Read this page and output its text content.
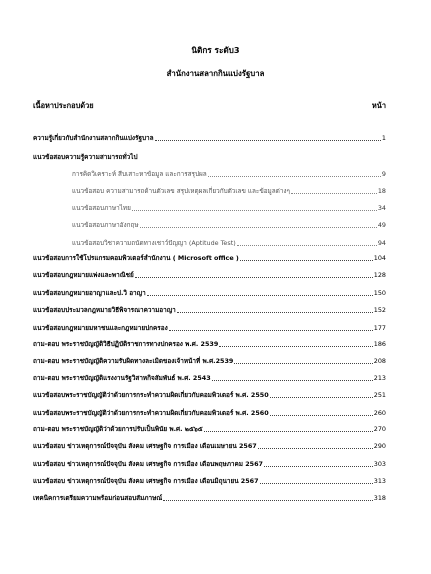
นิติกร ระดับ3
สำนักงานสลากกินแบ่งรัฐบาล
เนื้อหาประกอบด้วย	หน้า
ความรู้เกี่ยวกับสำนักงานสลากกินแบ่งรัฐบาล	1
แนวข้อสอบความรู้ความสามารถทั่วไป
การคิดวิเคราะห์ สืบเสาะหาข้อมูล และการสรุปผล	9
แนวข้อสอบ ความสามารถด้านตัวเลข สรุปเหตุผลเกี่ยวกับตัวเลข และข้อมูลต่างๆ	18
แนวข้อสอบภาษาไทย	34
แนวข้อสอบภาษาอังกฤษ	49
แนวข้อสอบวิชาความถนัดทางเชาว์ปัญญา (Aptitude Test)	94
แนวข้อสอบการใช้โปรแกรมคอมพิวเตอร์สำนักงาน ( Microsoft office )	104
แนวข้อสอบกฎหมายแพ่งและพาณิชย์	128
แนวข้อสอบกฎหมายอาญาและป.วิ อาญา	150
แนวข้อสอบประมวลกฎหมายวิธีพิจารณาความอาญา	152
แนวข้อสอบกฎหมายมหาชนและกฎหมายปกครอง	177
ถาม-ตอบ พระราชบัญญัติวิธีปฏิบัติราชการทางปกครอง พ.ศ. 2539	186
ถาม-ตอบ พระราชบัญญัติความรับผิดทางละเมิดของเจ้าหน้าที่ พ.ศ.2539	208
ถาม-ตอบ พระราชบัญญัติแรงงานรัฐวิสาหกิจสัมพันธ์ พ.ศ. 2543	213
แนวข้อสอบพระราชบัญญัติว่าด้วยการกระทำความผิดเกี่ยวกับคอมพิวเตอร์ พ.ศ. 2550	251
แนวข้อสอบพระราชบัญญัติว่าด้วยการกระทำความผิดเกี่ยวกับคอมพิวเตอร์ พ.ศ. 2560	260
ถาม-ตอบ พระราชบัญญัติว่าด้วยการปรับเป็นพินัย พ.ศ. ๒๕๖๕	270
แนวข้อสอบ ข่าวเหตุการณ์ปัจจุบัน สังคม เศรษฐกิจ การเมือง เดือนเมษายน 2567	290
แนวข้อสอบ ข่าวเหตุการณ์ปัจจุบัน สังคม เศรษฐกิจ การเมือง เดือนพฤษภาคม 2567	303
แนวข้อสอบ ข่าวเหตุการณ์ปัจจุบัน สังคม เศรษฐกิจ การเมือง เดือนมิถุนายน 2567	313
เทคนิคการเตรียมความพร้อมก่อนสอบสัมภาษณ์	318
